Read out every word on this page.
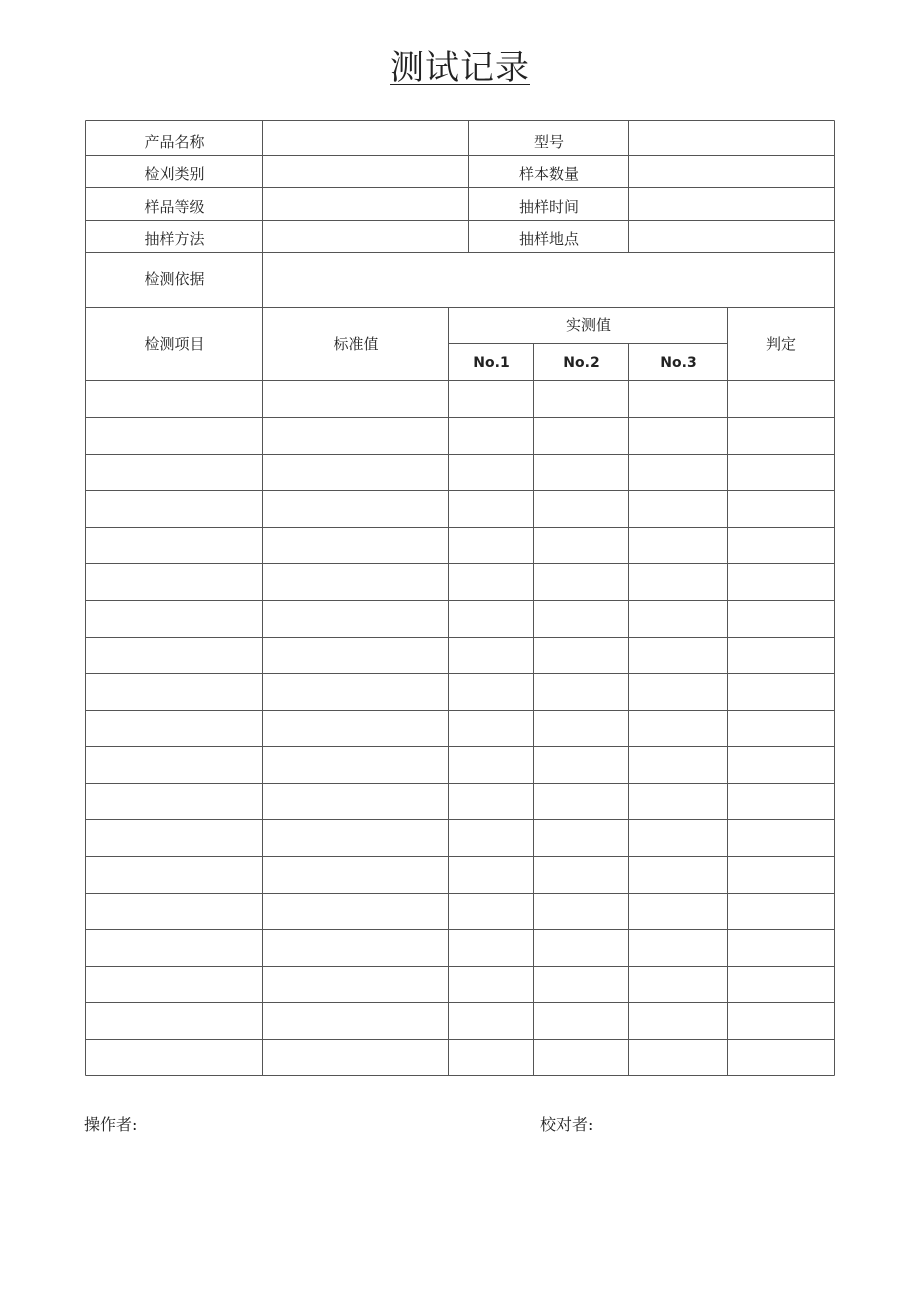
测试记录
产品名称	型号
检刈类别	样本数量
样品等级	抽样时间
抽样方法	抽样地点
检测依据
检测项目	标准值
实测值
No.1	No.2	No.3
判定
操作者:	校对者:
